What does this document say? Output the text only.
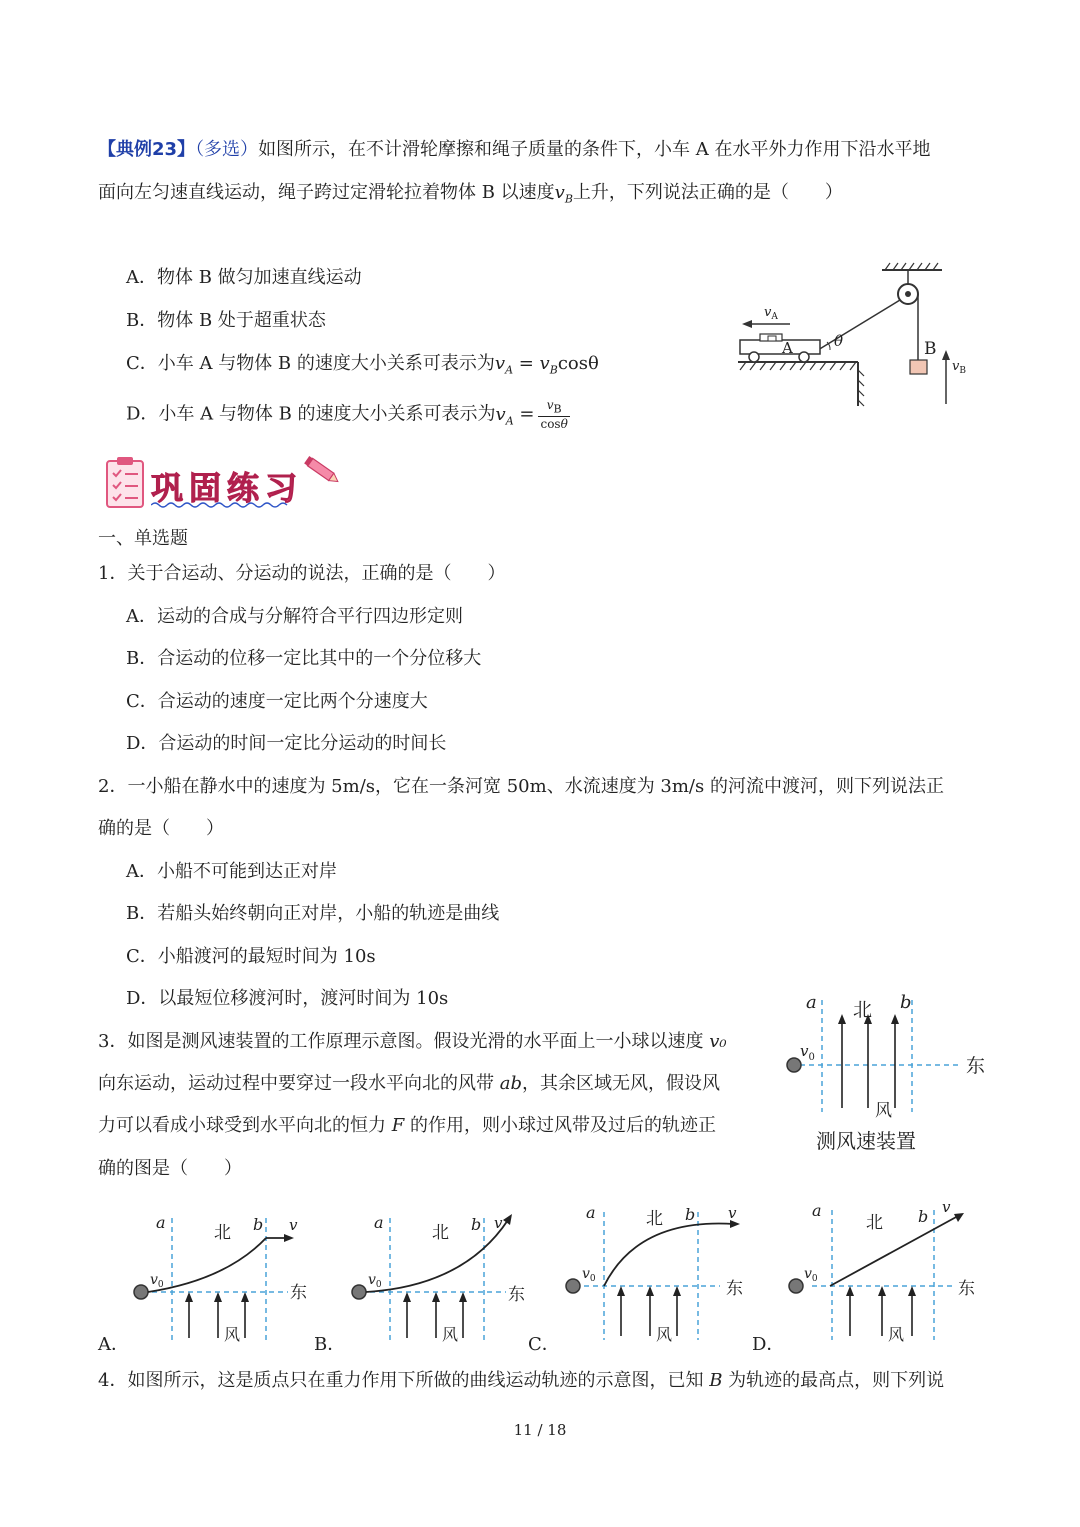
【典例23】（多选）如图所示，在不计滑轮摩擦和绳子质量的条件下，小车 A 在水平外力作用下沿水平地
面向左匀速直线运动，绳子跨过定滑轮拉着物体 B 以速度$v_B$上升，下列说法正确的是（　　）
A．物体 B 做匀加速直线运动
B．物体 B 处于超重状态
C．小车 A 与物体 B 的速度大小关系可表示为$v_A = v_B\cos\theta$
D．小车 A 与物体 B 的速度大小关系可表示为$v_A = \frac{v_B}{\cos\theta}$
B
$v_B$
A	θ
$v_A$
巩固练习
一、单选题
1．关于合运动、分运动的说法，正确的是（　　）
A．运动的合成与分解符合平行四边形定则
B．合运动的位移一定比其中的一个分位移大
C．合运动的速度一定比两个分速度大
D．合运动的时间一定比分运动的时间长
2．一小船在静水中的速度为 5m/s，它在一条河宽 50m、水流速度为 3m/s 的河流中渡河，则下列说法正
确的是（　　）
A．小船不可能到达正对岸
B．若船头始终朝向正对岸，小船的轨迹是曲线
C．小船渡河的最短时间为 10s
D．以最短位移渡河时，渡河时间为 10s
3．如图是测风速装置的工作原理示意图。假设光滑的水平面上一小球以速度 v₀
向东运动，运动过程中要穿过一段水平向北的风带 ab，其余区域无风，假设风
力可以看成小球受到水平向北的恒力 F 的作用，则小球过风带及过后的轨迹正
确的图是（　　）
a	b
北
东
风
$v_0$
测风速装置
a	b
北
东
风
v
$v_0$
A．
a	b
北
东
风
v
$v_0$
B．
a	b
北
东
风
v
$v_0$
C．
a	b
北
东
风
v
$v_0$
D．
4．如图所示，这是质点只在重力作用下所做的曲线运动轨迹的示意图，已知 B 为轨迹的最高点，则下列说
11 / 18
